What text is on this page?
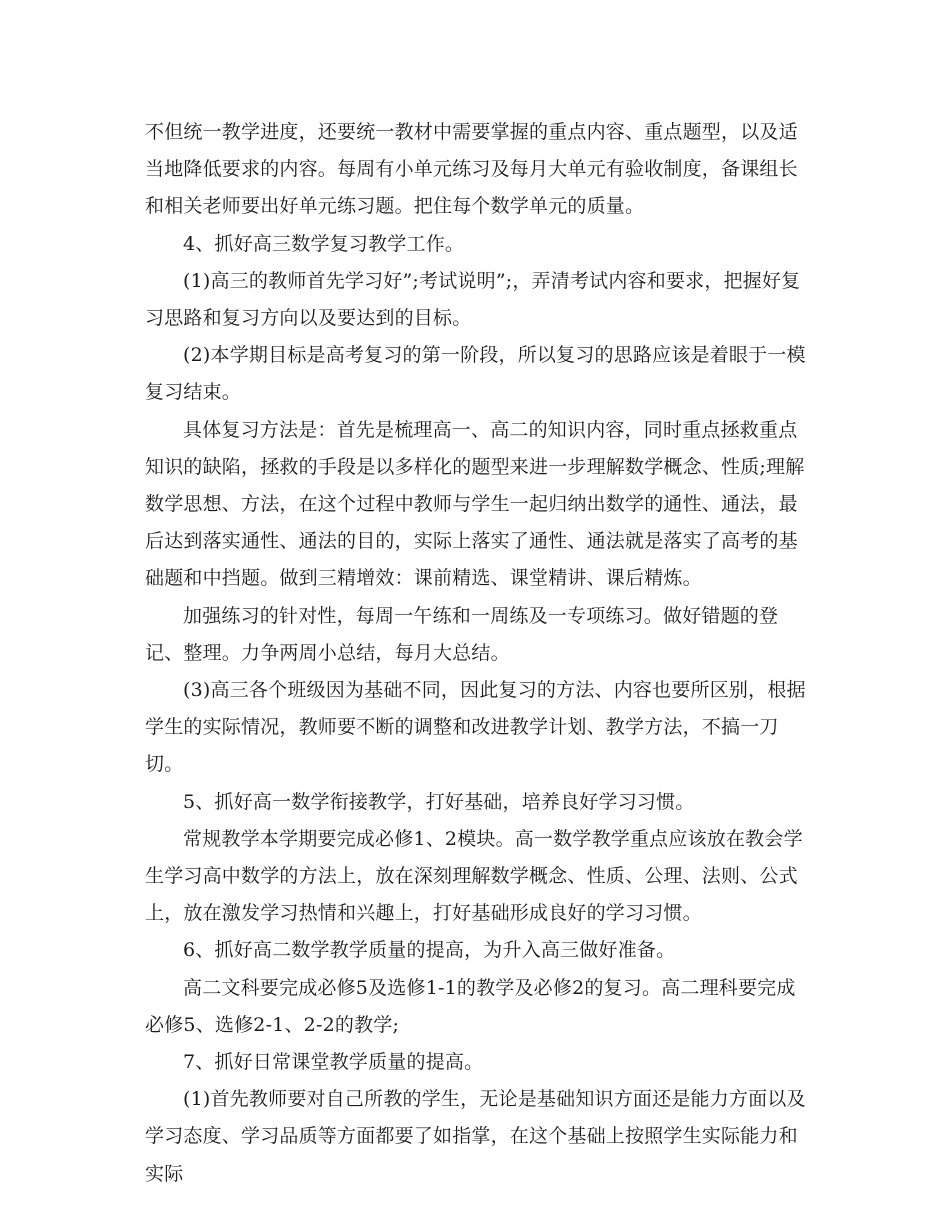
不但统一教学进度，还要统一教材中需要掌握的重点内容、重点题型，以及适当地降低要求的内容。每周有小单元练习及每月大单元有验收制度，备课组长和相关老师要出好单元练习题。把住每个数学单元的质量。

4、抓好高三数学复习教学工作。

(1)高三的教师首先学习好”;考试说明”;，弄清考试内容和要求，把握好复习思路和复习方向以及要达到的目标。

(2)本学期目标是高考复习的第一阶段，所以复习的思路应该是着眼于一模复习结束。

具体复习方法是：首先是梳理高一、高二的知识内容，同时重点拯救重点知识的缺陷，拯救的手段是以多样化的题型来进一步理解数学概念、性质;理解数学思想、方法，在这个过程中教师与学生一起归纳出数学的通性、通法，最后达到落实通性、通法的目的，实际上落实了通性、通法就是落实了高考的基础题和中挡题。做到三精增效：课前精选、课堂精讲、课后精炼。

加强练习的针对性，每周一午练和一周练及一专项练习。做好错题的登记、整理。力争两周小总结，每月大总结。

(3)高三各个班级因为基础不同，因此复习的方法、内容也要所区别，根据学生的实际情况，教师要不断的调整和改进教学计划、教学方法，不搞一刀切。

5、抓好高一数学衔接教学，打好基础，培养良好学习习惯。

常规教学本学期要完成必修1、2模块。高一数学教学重点应该放在教会学生学习高中数学的方法上，放在深刻理解数学概念、性质、公理、法则、公式上，放在激发学习热情和兴趣上，打好基础形成良好的学习习惯。

6、抓好高二数学教学质量的提高，为升入高三做好准备。

高二文科要完成必修5及选修1-1的教学及必修2的复习。高二理科要完成必修5、选修2-1、2-2的教学;

7、抓好日常课堂教学质量的提高。

(1)首先教师要对自己所教的学生，无论是基础知识方面还是能力方面以及学习态度、学习品质等方面都要了如指掌，在这个基础上按照学生实际能力和实际
